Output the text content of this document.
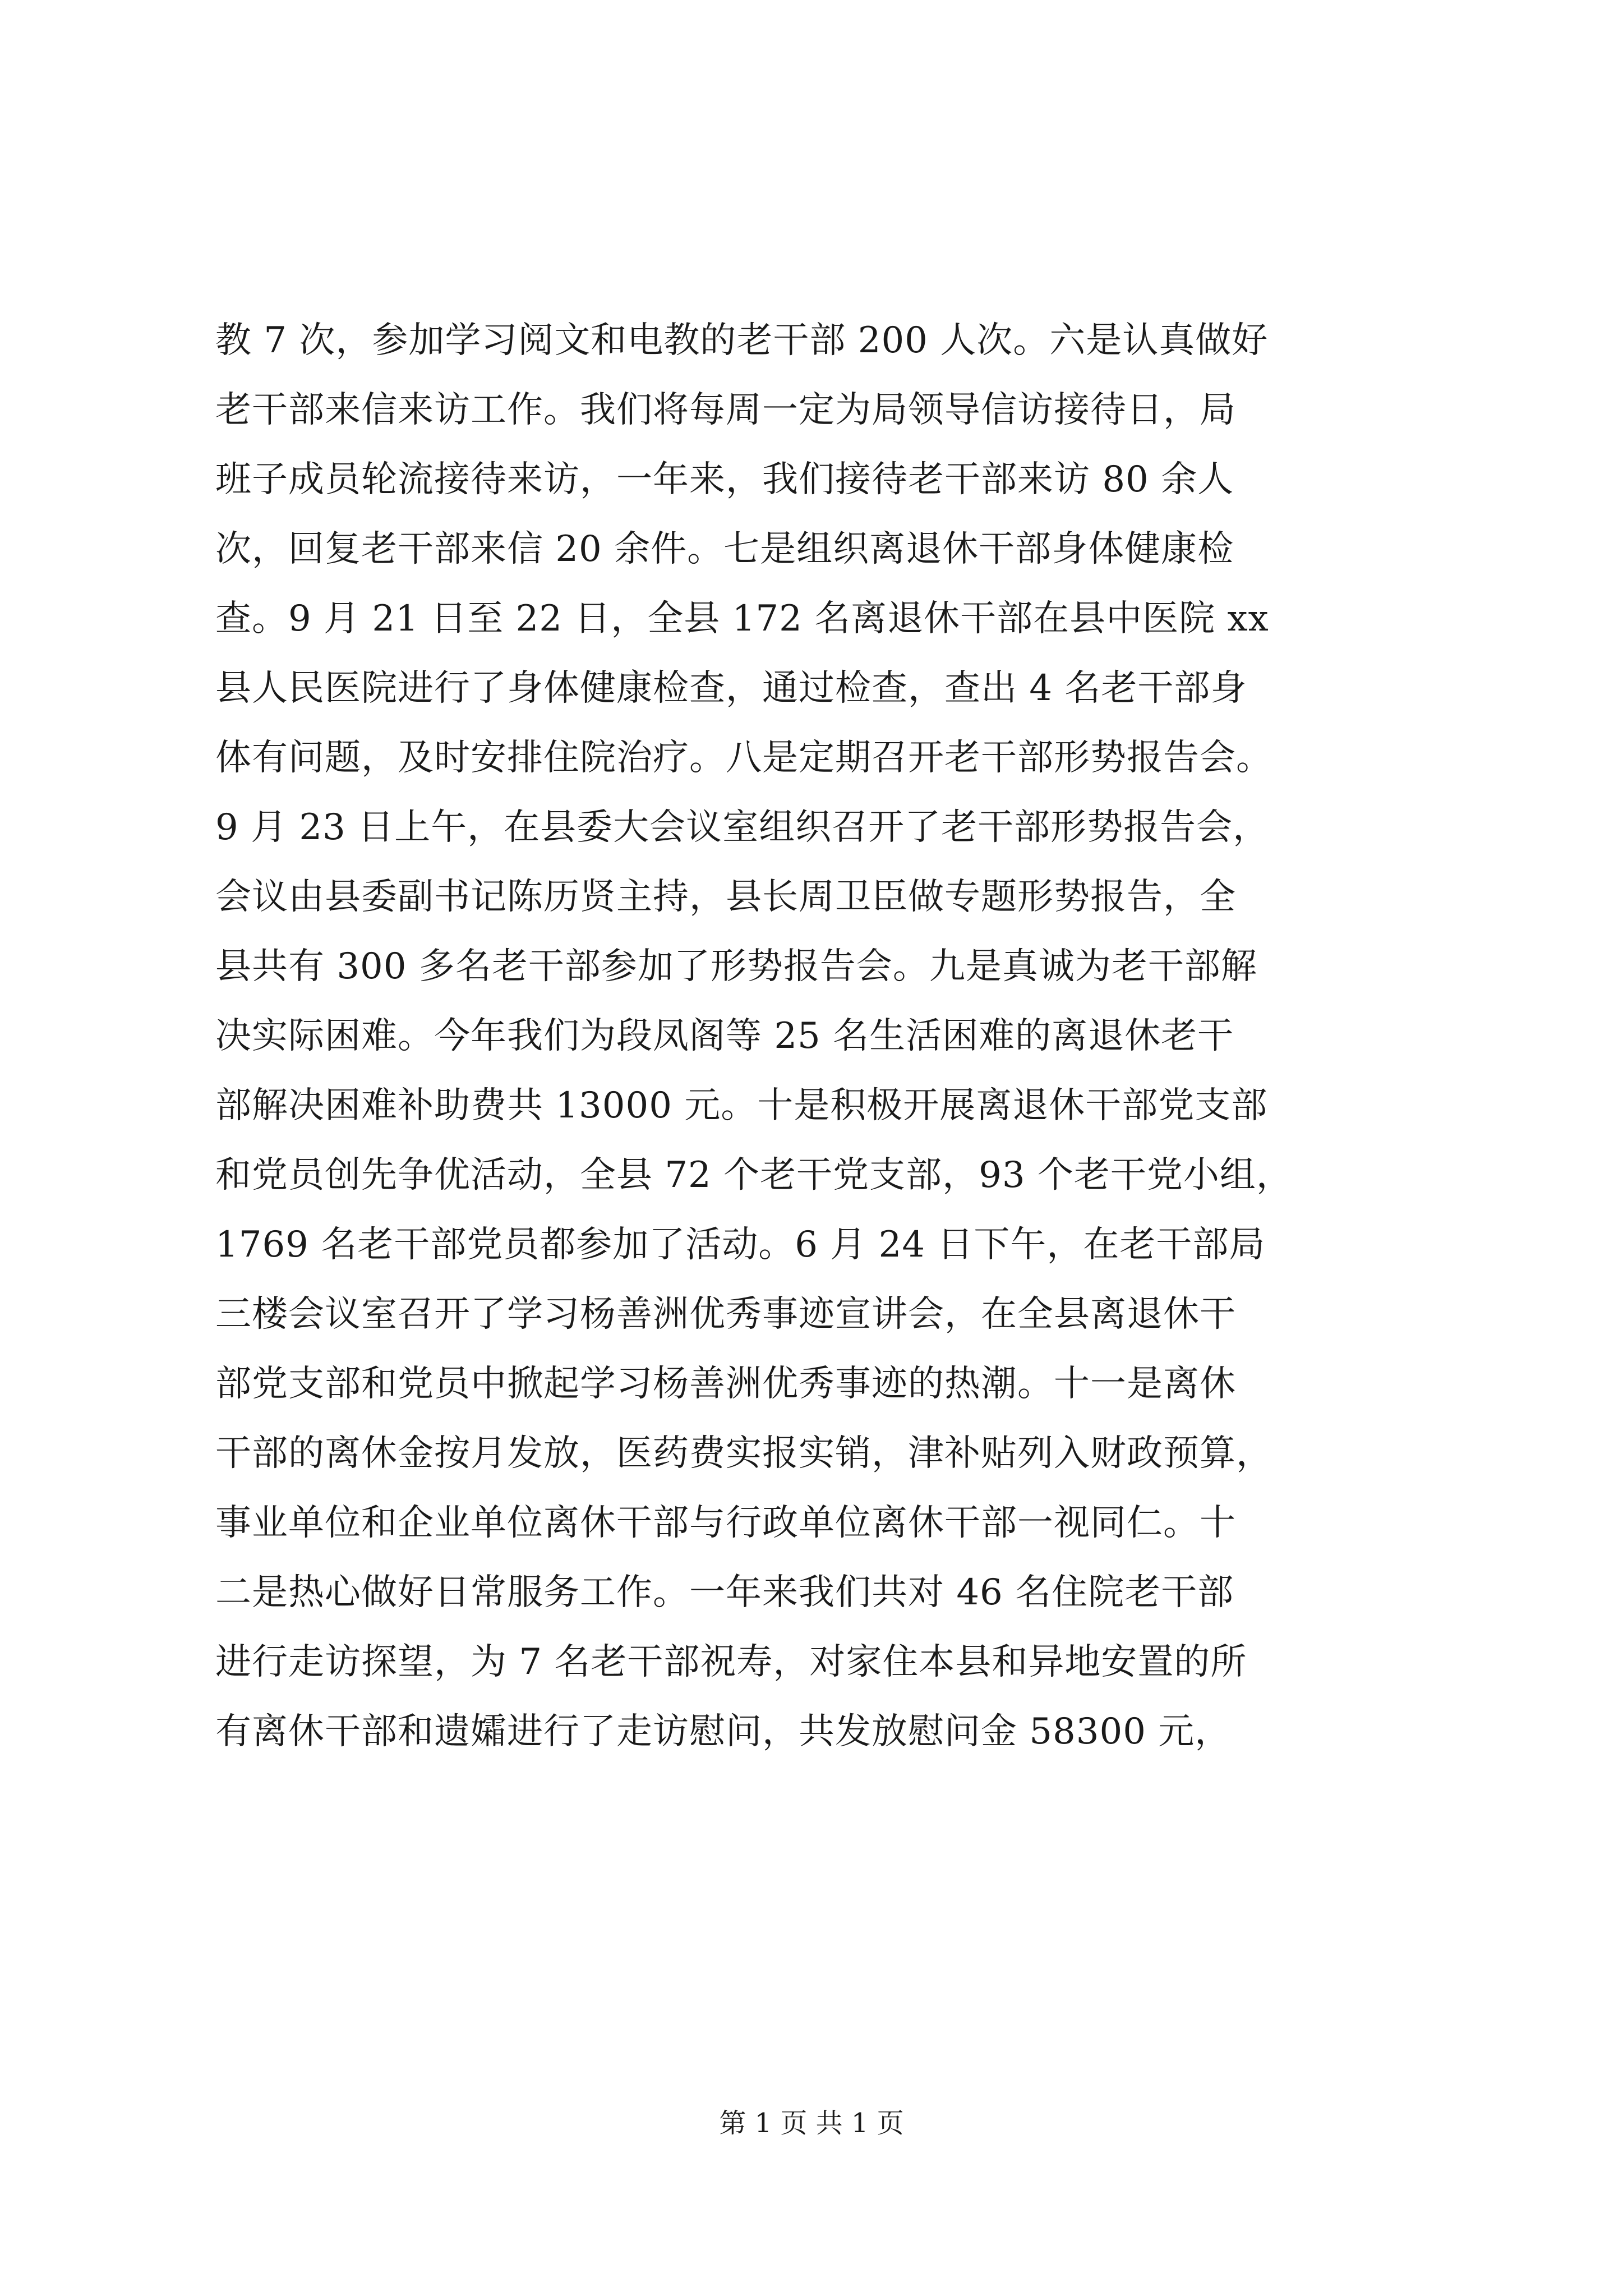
教 7 次，参加学习阅文和电教的老干部 200 人次。六是认真做好
老干部来信来访工作。我们将每周一定为局领导信访接待日，局
班子成员轮流接待来访，一年来，我们接待老干部来访 80 余人
次，回复老干部来信 20 余件。七是组织离退休干部身体健康检
查。9 月 21 日至 22 日，全县 172 名离退休干部在县中医院 xx
县人民医院进行了身体健康检查，通过检查，查出 4 名老干部身
体有问题，及时安排住院治疗。八是定期召开老干部形势报告会。
9 月 23 日上午，在县委大会议室组织召开了老干部形势报告会，
会议由县委副书记陈历贤主持，县长周卫臣做专题形势报告，全
县共有 300 多名老干部参加了形势报告会。九是真诚为老干部解
决实际困难。今年我们为段凤阁等 25 名生活困难的离退休老干
部解决困难补助费共 13000 元。十是积极开展离退休干部党支部
和党员创先争优活动，全县 72 个老干党支部，93 个老干党小组，
1769 名老干部党员都参加了活动。6 月 24 日下午，在老干部局
三楼会议室召开了学习杨善洲优秀事迹宣讲会，在全县离退休干
部党支部和党员中掀起学习杨善洲优秀事迹的热潮。十一是离休
干部的离休金按月发放，医药费实报实销，津补贴列入财政预算，
事业单位和企业单位离休干部与行政单位离休干部一视同仁。十
二是热心做好日常服务工作。一年来我们共对 46 名住院老干部
进行走访探望，为 7 名老干部祝寿，对家住本县和异地安置的所
有离休干部和遗孀进行了走访慰问，共发放慰问金 58300 元，
第 1 页 共 1 页
